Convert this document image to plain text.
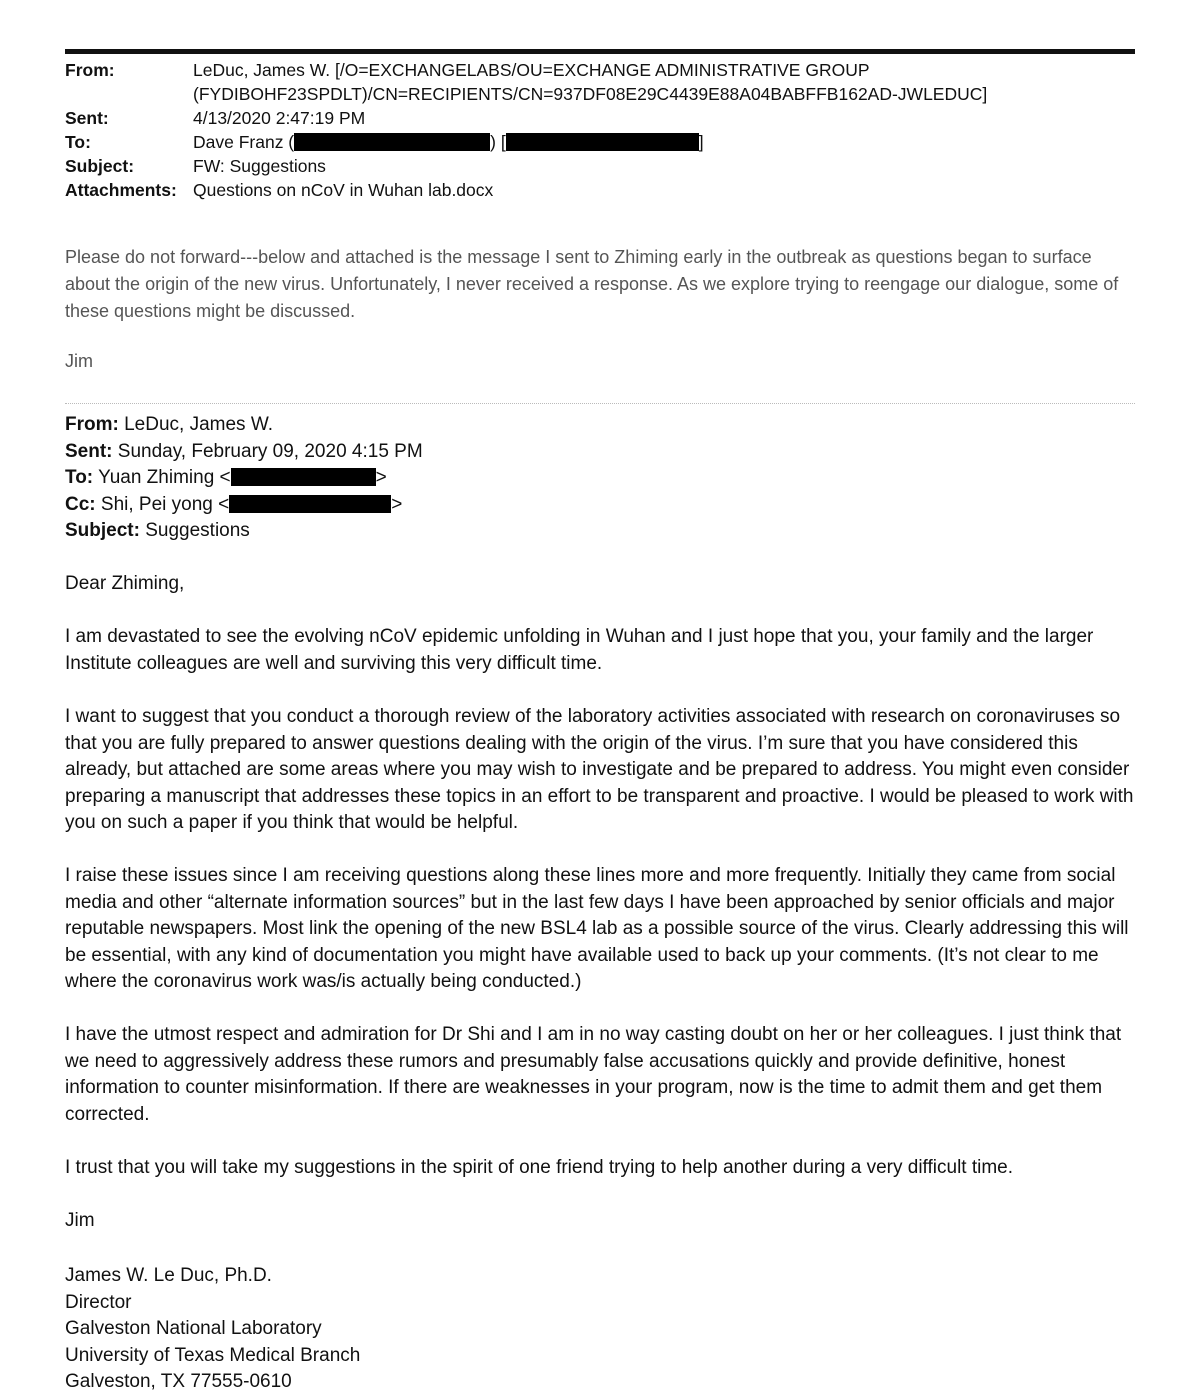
From:	LeDuc, James W. [/O=EXCHANGELABS/OU=EXCHANGE ADMINISTRATIVE GROUP
(FYDIBOHF23SPDLT)/CN=RECIPIENTS/CN=937DF08E29C4439E88A04BABFFB162AD-JWLEDUC]
Sent:	4/13/2020 2:47:19 PM
To:	Dave Franz (	) [	]
Subject:	FW: Suggestions
Attachments: Questions on nCoV in Wuhan lab.docx

Please do not forward---below and attached is the message I sent to Zhiming early in the outbreak as questions began to surface about the origin of the new virus. Unfortunately, I never received a response. As we explore trying to reengage our dialogue, some of these questions might be discussed.

Jim

From: LeDuc, James W.
Sent: Sunday, February 09, 2020 4:15 PM
To: Yuan Zhiming <	>
Cc: Shi, Pei yong <	>
Subject: Suggestions

Dear Zhiming,

I am devastated to see the evolving nCoV epidemic unfolding in Wuhan and I just hope that you, your family and the larger Institute colleagues are well and surviving this very difficult time.

I want to suggest that you conduct a thorough review of the laboratory activities associated with research on coronaviruses so that you are fully prepared to answer questions dealing with the origin of the virus. I’m sure that you have considered this already, but attached are some areas where you may wish to investigate and be prepared to address. You might even consider preparing a manuscript that addresses these topics in an effort to be transparent and proactive. I would be pleased to work with you on such a paper if you think that would be helpful.

I raise these issues since I am receiving questions along these lines more and more frequently. Initially they came from social media and other “alternate information sources” but in the last few days I have been approached by senior officials and major reputable newspapers. Most link the opening of the new BSL4 lab as a possible source of the virus. Clearly addressing this will be essential, with any kind of documentation you might have available used to back up your comments. (It’s not clear to me where the coronavirus work was/is actually being conducted.)

I have the utmost respect and admiration for Dr Shi and I am in no way casting doubt on her or her colleagues. I just think that we need to aggressively address these rumors and presumably false accusations quickly and provide definitive, honest information to counter misinformation. If there are weaknesses in your program, now is the time to admit them and get them corrected.

I trust that you will take my suggestions in the spirit of one friend trying to help another during a very difficult time.

Jim

James W. Le Duc, Ph.D.
Director
Galveston National Laboratory
University of Texas Medical Branch
Galveston, TX 77555-0610
